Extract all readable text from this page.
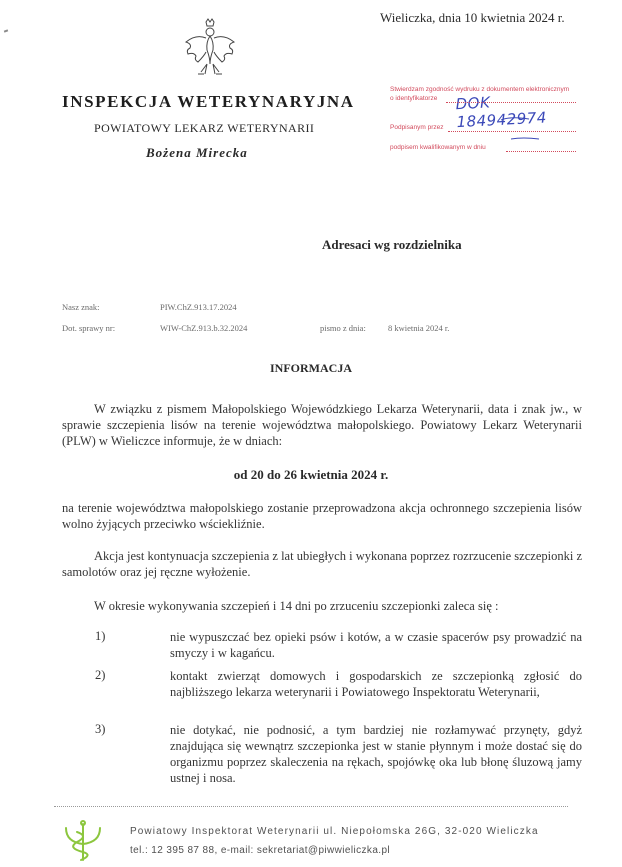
Wieliczka, dnia 10 kwietnia 2024 r.
INSPEKCJA WETERYNARYJNA
POWIATOWY LEKARZ WETERYNARII
Bożena Mirecka
Stwierdzam zgodność wydruku z dokumentem elektronicznym
o identyfikatorze DOK 184942974
Podpisanym przez
podpisem kwalifikowanym w dniu
Adresaci wg rozdzielnika
Nasz znak:	PIW.ChZ.913.17.2024
Dot. sprawy nr:	WIW-ChZ.913.b.32.2024	pismo z dnia:	8 kwietnia 2024 r.
INFORMACJA
W związku z pismem Małopolskiego Wojewódzkiego Lekarza Weterynarii, data i znak jw., w sprawie szczepienia lisów na terenie województwa małopolskiego. Powiatowy Lekarz Weterynarii (PLW) w Wieliczce informuje, że w dniach:
od 20 do 26 kwietnia 2024 r.
na terenie województwa małopolskiego zostanie przeprowadzona akcja ochronnego szczepienia lisów wolno żyjących przeciwko wściekliźnie.
Akcja jest kontynuacja szczepienia z lat ubiegłych i wykonana poprzez rozrzucenie szczepionki z samolotów oraz jej ręczne wyłożenie.
W okresie wykonywania szczepień i 14 dni po zrzuceniu szczepionki zaleca się :
1)	nie wypuszczać bez opieki psów i kotów, a w czasie spacerów psy prowadzić na smyczy i w kagańcu.
2)	kontakt zwierząt domowych i gospodarskich ze szczepionką zgłosić do najbliższego lekarza weterynarii i Powiatowego Inspektoratu Weterynarii,
3)	nie dotykać, nie podnosić, a tym bardziej nie rozłamywać przynęty, gdyż znajdująca się wewnątrz szczepionka jest w stanie płynnym i może dostać się do organizmu poprzez skaleczenia na rękach, spojówkę oka lub błonę śluzową jamy ustnej i nosa.
Powiatowy Inspektorat Weterynarii ul. Niepołomska 26G, 32-020 Wieliczka
tel.: 12 395 87 88, e-mail: sekretariat@piwwieliczka.pl
